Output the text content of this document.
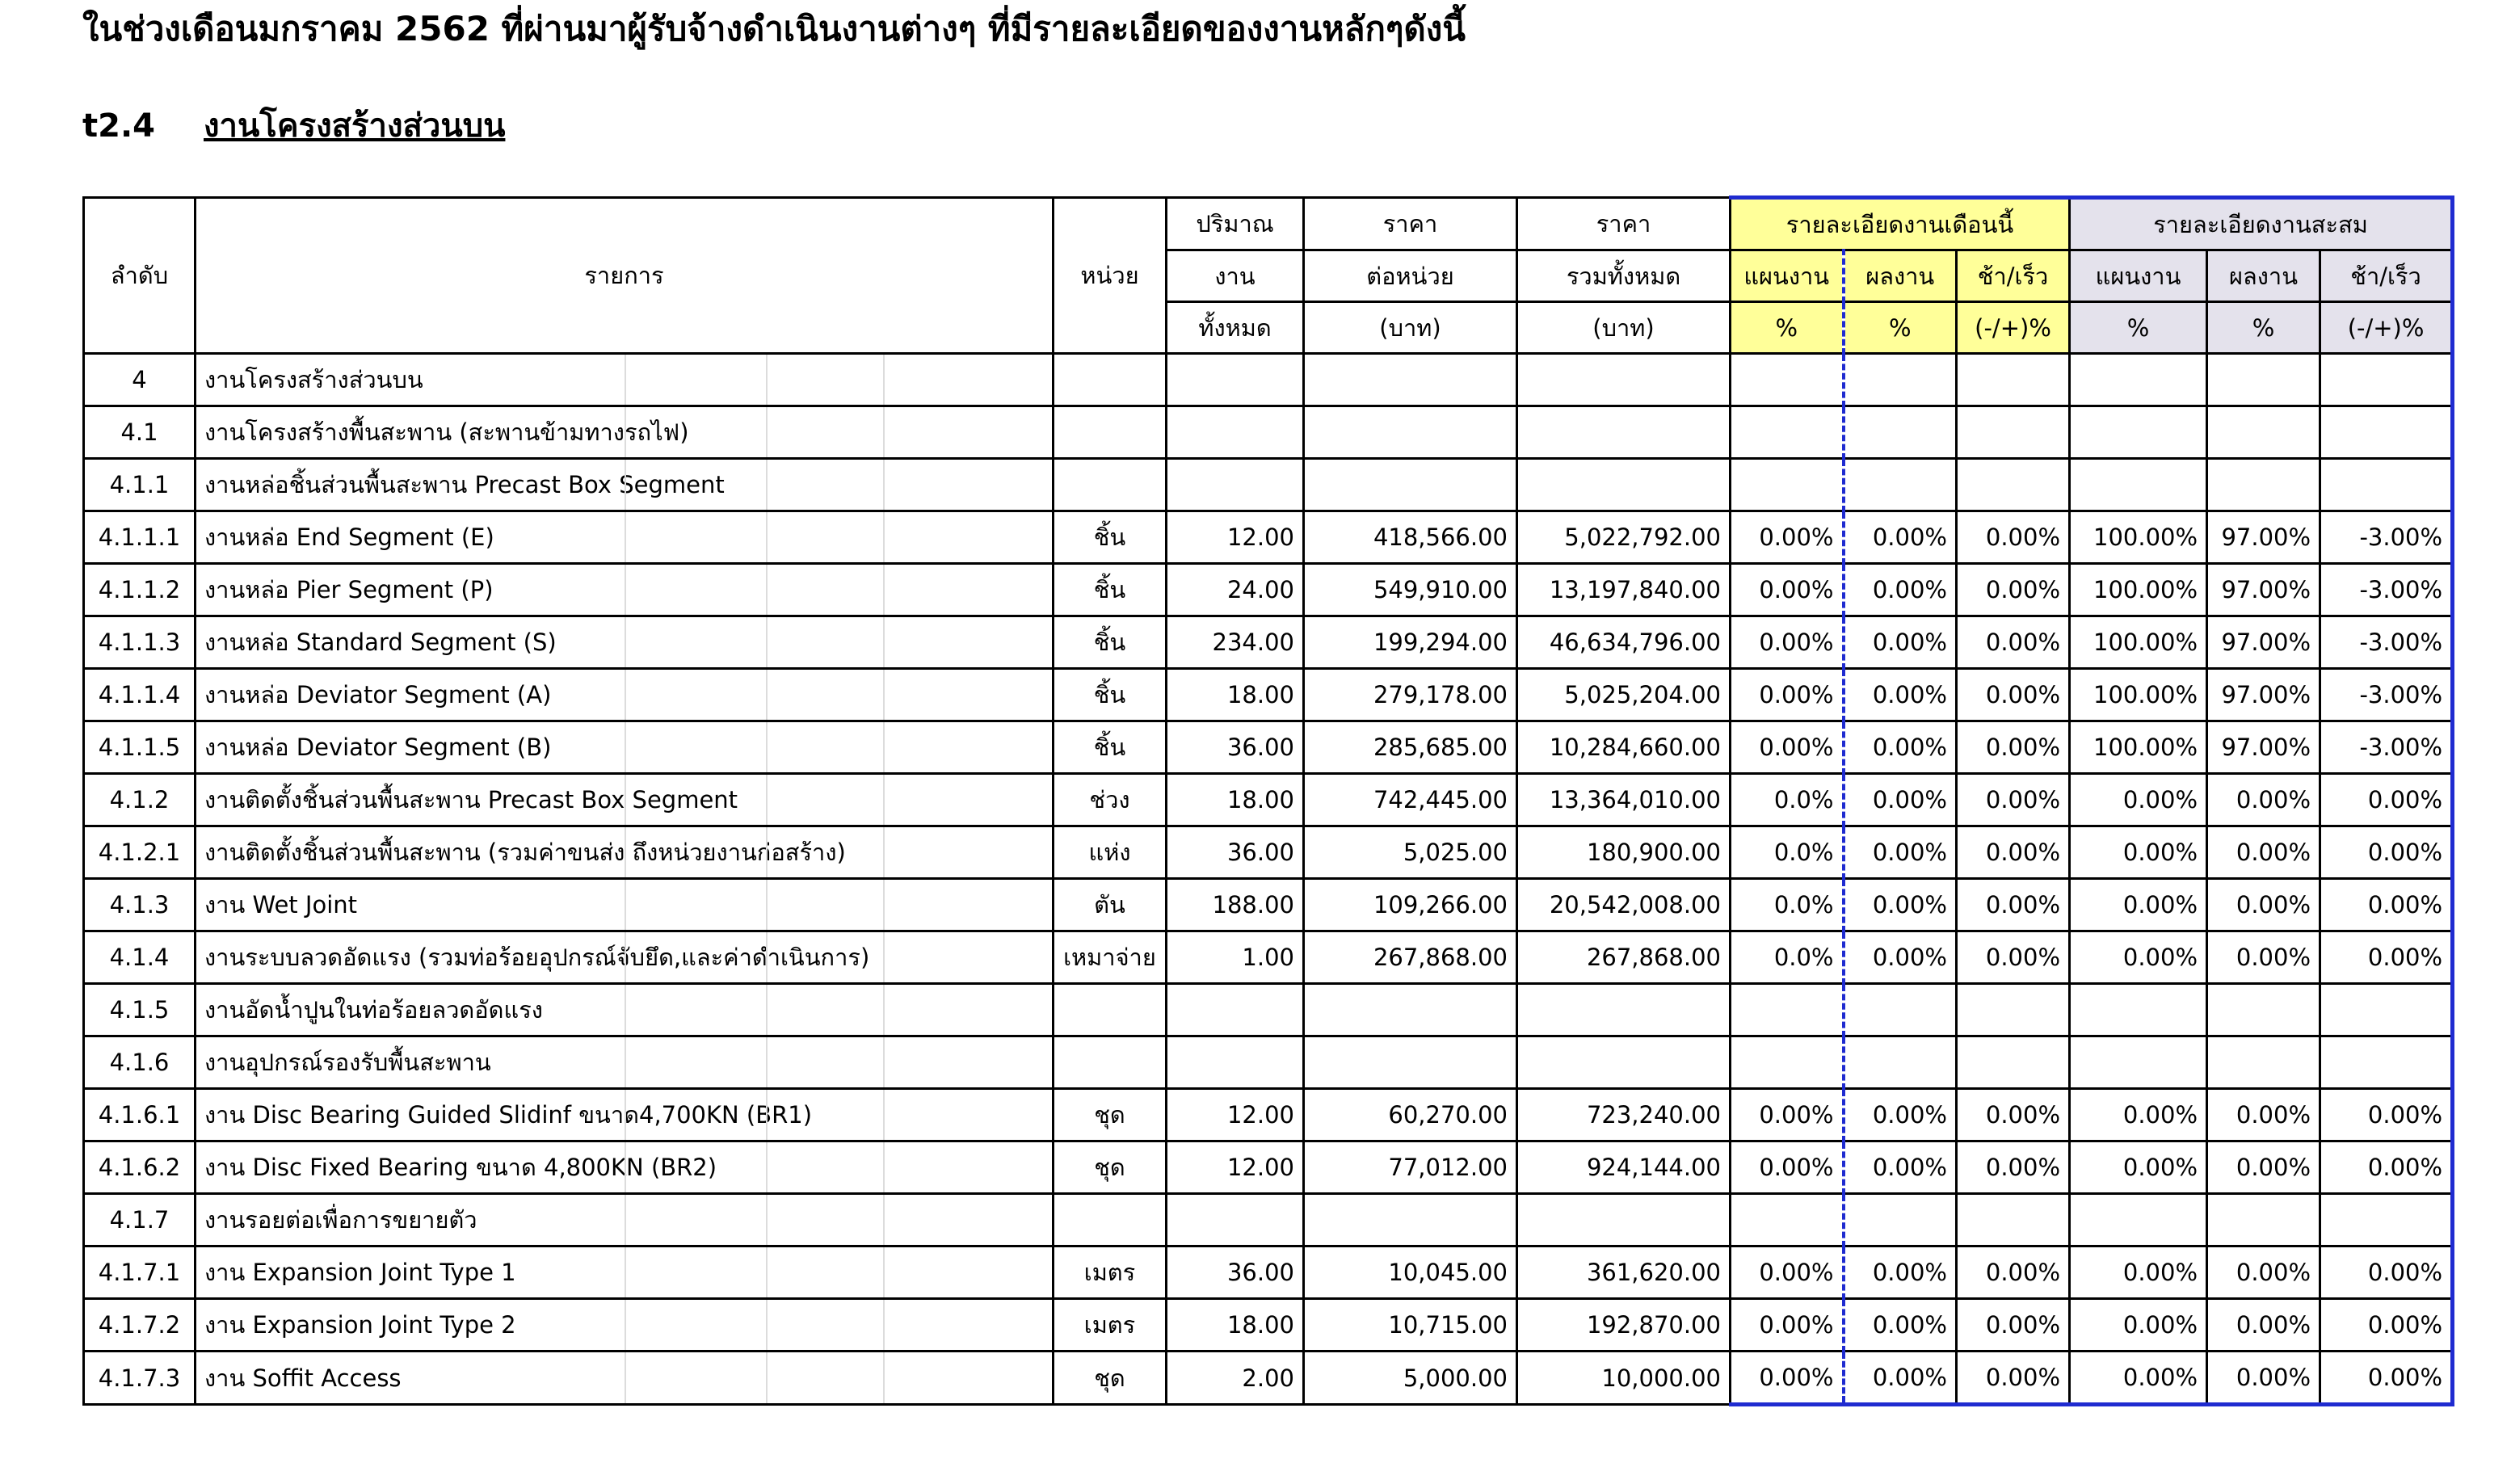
ในช่วงเดือนมกราคม 2562 ที่ผ่านมาผู้รับจ้างดำเนินงานต่างๆ ที่มีรายละเอียดของงานหลักๆดังนี้
t2.4 งานโครงสร้างส่วนบน
ลำดับ	รายการ	หน่วย	ปริมาณ	ราคา	ราคา	รายละเอียดงานเดือนนี้			รายละเอียดงานสะสม		
			งาน	ต่อหน่วย	รวมทั้งหมด	แผนงาน	ผลงาน	ช้า/เร็ว	แผนงาน	ผลงาน	ช้า/เร็ว
			ทั้งหมด	(บาท)	(บาท)	%	%	(-/+)%	%	%	(-/+)%
4	งานโครงสร้างส่วนบน

4.1	งานโครงสร้างพื้นสะพาน (สะพานข้ามทางรถไฟ)

4.1.1	งานหล่อชิ้นส่วนพื้นสะพาน Precast Box Segment

4.1.1.1	งานหล่อ End Segment (E)	ชิ้น	12.00	418,566.00	5,022,792.00	0.00%	0.00%	0.00%	100.00%	97.00%	-3.00%
4.1.1.2	งานหล่อ Pier Segment (P)	ชิ้น	24.00	549,910.00	13,197,840.00	0.00%	0.00%	0.00%	100.00%	97.00%	-3.00%
4.1.1.3	งานหล่อ Standard Segment (S)	ชิ้น	234.00	199,294.00	46,634,796.00	0.00%	0.00%	0.00%	100.00%	97.00%	-3.00%
4.1.1.4	งานหล่อ Deviator Segment (A)	ชิ้น	18.00	279,178.00	5,025,204.00	0.00%	0.00%	0.00%	100.00%	97.00%	-3.00%
4.1.1.5	งานหล่อ Deviator Segment (B)	ชิ้น	36.00	285,685.00	10,284,660.00	0.00%	0.00%	0.00%	100.00%	97.00%	-3.00%
4.1.2	งานติดตั้งชิ้นส่วนพื้นสะพาน Precast Box Segment	ช่วง	18.00	742,445.00	13,364,010.00	0.0%	0.00%	0.00%	0.00%	0.00%	0.00%
4.1.2.1	งานติดตั้งชิ้นส่วนพื้นสะพาน (รวมค่าขนส่ง ถึงหน่วยงานก่อสร้าง)	แห่ง	36.00	5,025.00	180,900.00	0.0%	0.00%	0.00%	0.00%	0.00%	0.00%
4.1.3	งาน Wet Joint	ตัน	188.00	109,266.00	20,542,008.00	0.0%	0.00%	0.00%	0.00%	0.00%	0.00%
4.1.4	งานระบบลวดอัดแรง (รวมท่อร้อยอุปกรณ์จับยึด,และค่าดำเนินการ)	เหมาจ่าย	1.00	267,868.00	267,868.00	0.0%	0.00%	0.00%	0.00%	0.00%	0.00%
4.1.5	งานอัดน้ำปูนในท่อร้อยลวดอัดแรง

4.1.6	งานอุปกรณ์รองรับพื้นสะพาน

4.1.6.1	งาน Disc Bearing Guided Slidinf ขนาด4,700KN (BR1)	ชุด	12.00	60,270.00	723,240.00	0.00%	0.00%	0.00%	0.00%	0.00%	0.00%
4.1.6.2	งาน Disc Fixed Bearing ขนาด 4,800KN (BR2)	ชุด	12.00	77,012.00	924,144.00	0.00%	0.00%	0.00%	0.00%	0.00%	0.00%
4.1.7	งานรอยต่อเพื่อการขยายตัว

4.1.7.1	งาน Expansion Joint Type 1	เมตร	36.00	10,045.00	361,620.00	0.00%	0.00%	0.00%	0.00%	0.00%	0.00%
4.1.7.2	งาน Expansion Joint Type 2	เมตร	18.00	10,715.00	192,870.00	0.00%	0.00%	0.00%	0.00%	0.00%	0.00%
4.1.7.3	งาน Soffit Access	ชุด	2.00	5,000.00	10,000.00	0.00%	0.00%	0.00%	0.00%	0.00%	0.00%
